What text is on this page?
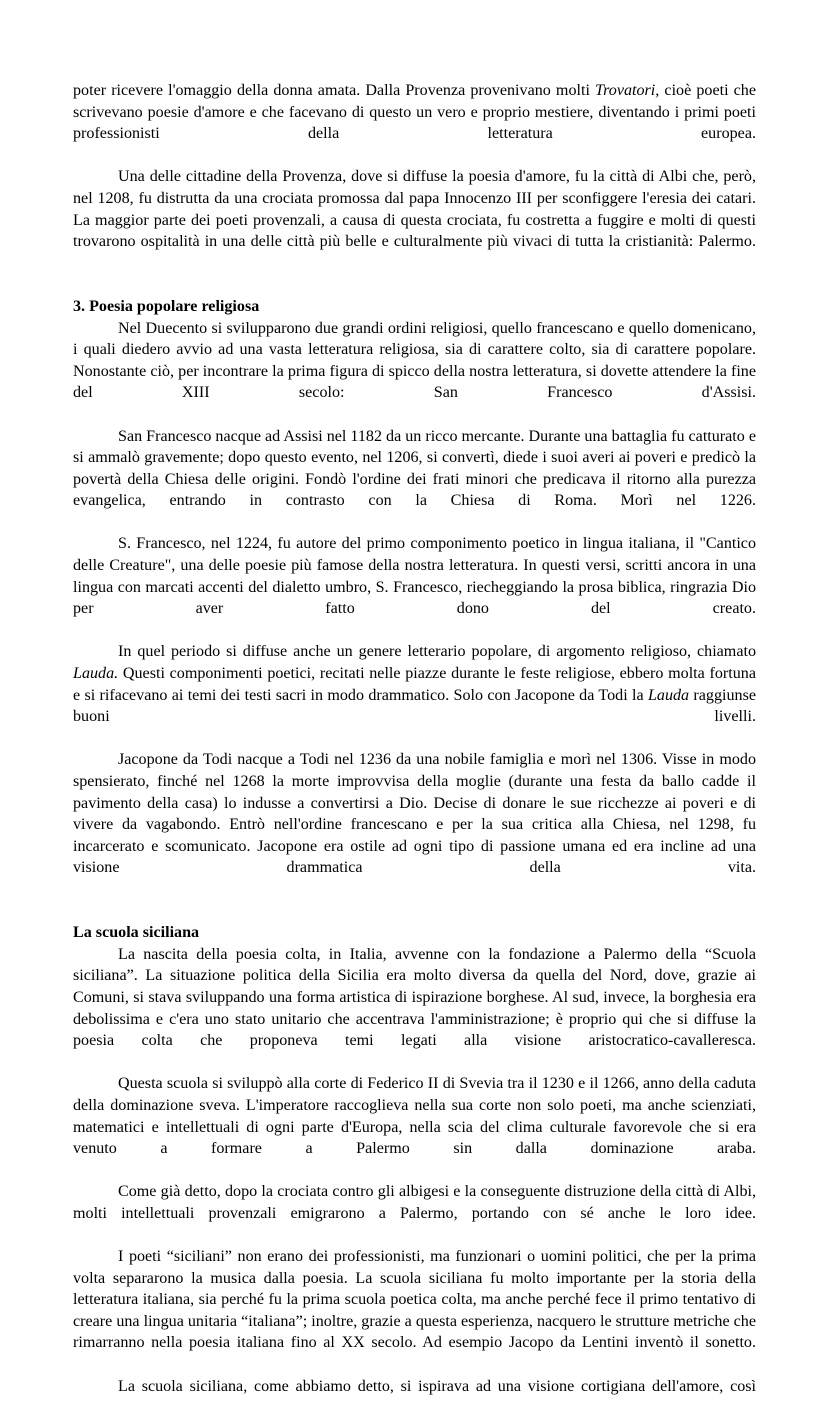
poter ricevere l'omaggio della donna amata. Dalla Provenza provenivano molti Trovatori, cioè poeti che scrivevano poesie d'amore e che facevano di questo un vero e proprio mestiere, diventando i primi poeti professionisti della letteratura europea.

Una delle cittadine della Provenza, dove si diffuse la poesia d'amore, fu la città di Albi che, però, nel 1208, fu distrutta da una crociata promossa dal papa Innocenzo III per sconfiggere l'eresia dei catari. La maggior parte dei poeti provenzali, a causa di questa crociata, fu costretta a fuggire e molti di questi trovarono ospitalità in una delle città più belle e culturalmente più vivaci di tutta la cristianità: Palermo.

3. Poesia popolare religiosa

Nel Duecento si svilupparono due grandi ordini religiosi, quello francescano e quello domenicano, i quali diedero avvio ad una vasta letteratura religiosa, sia di carattere colto, sia di carattere popolare. Nonostante ciò, per incontrare la prima figura di spicco della nostra letteratura, si dovette attendere la fine del XIII secolo: San Francesco d'Assisi.

San Francesco nacque ad Assisi nel 1182 da un ricco mercante. Durante una battaglia fu catturato e si ammalò gravemente; dopo questo evento, nel 1206, si convertì, diede i suoi averi ai poveri e predicò la povertà della Chiesa delle origini. Fondò l'ordine dei frati minori che predicava il ritorno alla purezza evangelica, entrando in contrasto con la Chiesa di Roma. Morì nel 1226.

S. Francesco, nel 1224, fu autore del primo componimento poetico in lingua italiana, il "Cantico delle Creature", una delle poesie più famose della nostra letteratura. In questi versi, scritti ancora in una lingua con marcati accenti del dialetto umbro, S. Francesco, riecheggiando la prosa biblica, ringrazia Dio per aver fatto dono del creato.

In quel periodo si diffuse anche un genere letterario popolare, di argomento religioso, chiamato Lauda. Questi componimenti poetici, recitati nelle piazze durante le feste religiose, ebbero molta fortuna e si rifacevano ai temi dei testi sacri in modo drammatico. Solo con Jacopone da Todi la Lauda raggiunse buoni livelli.

Jacopone da Todi nacque a Todi nel 1236 da una nobile famiglia e morì nel 1306. Visse in modo spensierato, finché nel 1268 la morte improvvisa della moglie (durante una festa da ballo cadde il pavimento della casa) lo indusse a convertirsi a Dio. Decise di donare le sue ricchezze ai poveri e di vivere da vagabondo. Entrò nell'ordine francescano e per la sua critica alla Chiesa, nel 1298, fu incarcerato e scomunicato. Jacopone era ostile ad ogni tipo di passione umana ed era incline ad una visione drammatica della vita.

La scuola siciliana

La nascita della poesia colta, in Italia, avvenne con la fondazione a Palermo della “Scuola siciliana”. La situazione politica della Sicilia era molto diversa da quella del Nord, dove, grazie ai Comuni, si stava sviluppando una forma artistica di ispirazione borghese. Al sud, invece, la borghesia era debolissima e c'era uno stato unitario che accentrava l'amministrazione; è proprio qui che si diffuse la poesia colta che proponeva temi legati alla visione aristocratico-cavalleresca.

Questa scuola si sviluppò alla corte di Federico II di Svevia tra il 1230 e il 1266, anno della caduta della dominazione sveva. L'imperatore raccoglieva nella sua corte non solo poeti, ma anche scienziati, matematici e intellettuali di ogni parte d'Europa, nella scia del clima culturale favorevole che si era venuto a formare a Palermo sin dalla dominazione araba.

Come già detto, dopo la crociata contro gli albigesi e la conseguente distruzione della città di Albi, molti intellettuali provenzali emigrarono a Palermo, portando con sé anche le loro idee.

I poeti “siciliani” non erano dei professionisti, ma funzionari o uomini politici, che per la prima volta separarono la musica dalla poesia. La scuola siciliana fu molto importante per la storia della letteratura italiana, sia perché fu la prima scuola poetica colta, ma anche perché fece il primo tentativo di creare una lingua unitaria “italiana”; inoltre, grazie a questa esperienza, nacquero le strutture metriche che rimarranno nella poesia italiana fino al XX secolo. Ad esempio Jacopo da Lentini inventò il sonetto.

La scuola siciliana, come abbiamo detto, si ispirava ad una visione cortigiana dell'amore, così
